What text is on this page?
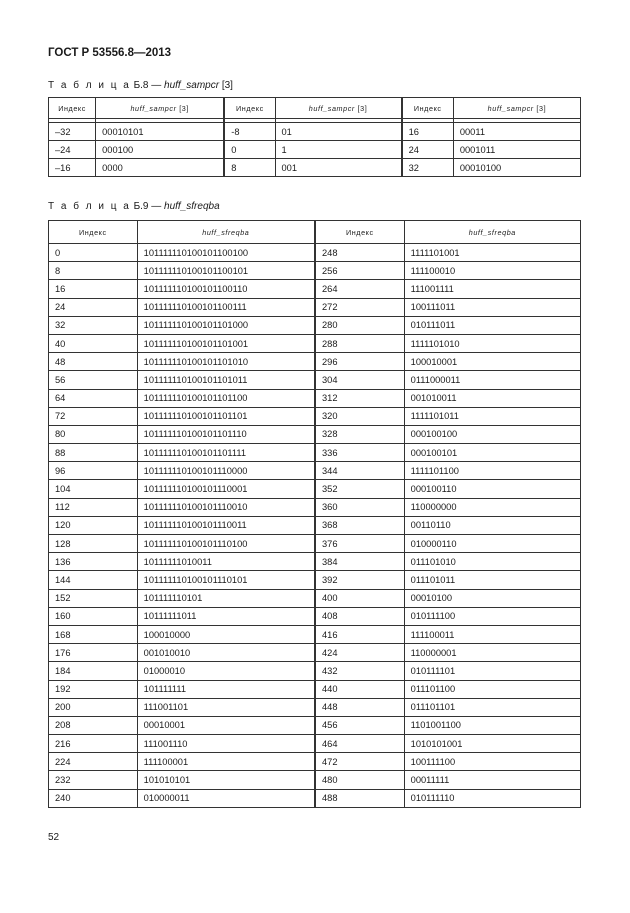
ГОСТ Р 53556.8—2013
Т а б л и ц а Б.8 — huff_sampcr [3]
Индекс	huff_sampcr [3]	Индекс	huff_sampcr [3]	Индекс	huff_sampcr [3]

–32	00010101	-8	01	16	00011
–24	000100	0	1	24	0001011
–16	0000	8	001	32	00010100
Т а б л и ц а Б.9 — huff_sfreqba
Индекс	huff_sfreqba	Индекс	huff_sfreqba
0	101111110100101100100	248	1111101001
8	101111110100101100101	256	111100010
16	101111110100101100110	264	111001111
24	101111110100101100111	272	100111011
32	101111110100101101000	280	010111011
40	101111110100101101001	288	1111101010
48	101111110100101101010	296	100010001
56	101111110100101101011	304	0111000011
64	101111110100101101100	312	001010011
72	101111110100101101101	320	1111101011
80	101111110100101101110	328	000100100
88	101111110100101101111	336	000100101
96	101111110100101110000	344	1111101100
104	101111110100101110001	352	000100110
112	101111110100101110010	360	110000000
120	101111110100101110011	368	00110110
128	101111110100101110100	376	010000110
136	10111111010011	384	011101010
144	101111110100101110101	392	011101011
152	101111110101	400	00010100
160	10111111011	408	010111100
168	100010000	416	111100011
176	001010010	424	110000001
184	01000010	432	010111101
192	101111111	440	011101100
200	111001101	448	011101101
208	00010001	456	1101001100
216	111001110	464	1010101001
224	111100001	472	100111100
232	101010101	480	00011111
240	010000011	488	010111110
52
